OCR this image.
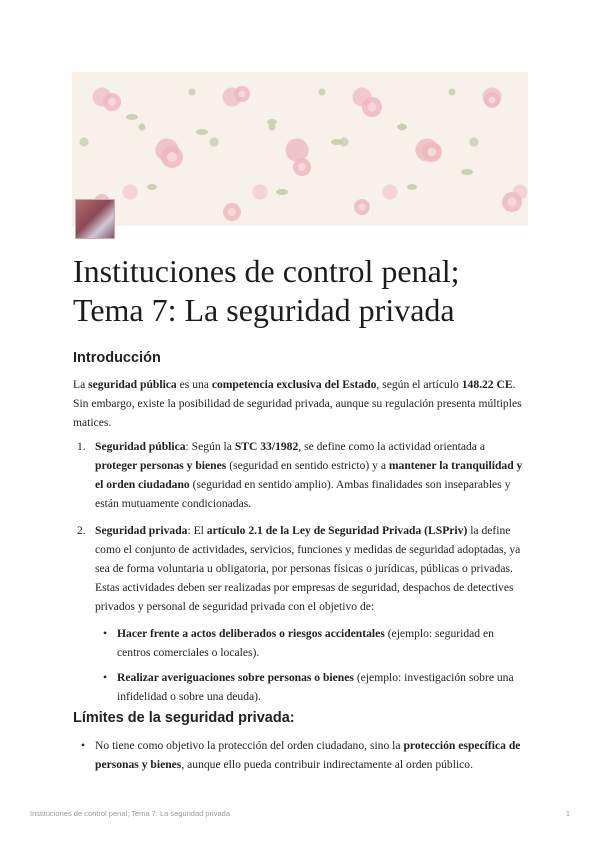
Instituciones de control penal;
Tema 7: La seguridad privada
Introducción

La seguridad pública es una competencia exclusiva del Estado, según el artículo 148.22 CE. Sin embargo, existe la posibilidad de seguridad privada, aunque su regulación presenta múltiples matices.

1. Seguridad pública: Según la STC 33/1982, se define como la actividad orientada a proteger personas y bienes (seguridad en sentido estricto) y a mantener la tranquilidad y el orden ciudadano (seguridad en sentido amplio). Ambas finalidades son inseparables y están mutuamente condicionadas.
2. Seguridad privada: El artículo 2.1 de la Ley de Seguridad Privada (LSPriv) la define como el conjunto de actividades, servicios, funciones y medidas de seguridad adoptadas, ya sea de forma voluntaria u obligatoria, por personas físicas o jurídicas, públicas o privadas. Estas actividades deben ser realizadas por empresas de seguridad, despachos de detectives privados y personal de seguridad privada con el objetivo de:
• Hacer frente a actos deliberados o riesgos accidentales (ejemplo: seguridad en centros comerciales o locales).
• Realizar averiguaciones sobre personas o bienes (ejemplo: investigación sobre una infidelidad o sobre una deuda).
Límites de la seguridad privada:
• No tiene como objetivo la protección del orden ciudadano, sino la protección específica de personas y bienes, aunque ello pueda contribuir indirectamente al orden público.
Instituciones de control penal; Tema 7: La seguridad privada	1
